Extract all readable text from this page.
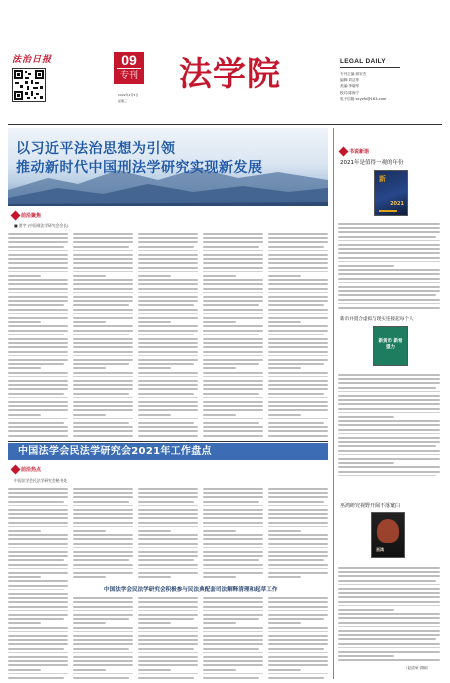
法治日报	09
专刊
2022年1月5日
星期三
法学院	LEGAL DAILY
专刊主编:蒋安杰
编辑:刘洁菲
美编:李晓军
校对:陈海宁
电子信箱:xcyzfx@163.com
以习近平法治思想为引领
推动新时代中国刑法学研究实现新发展
前沿聚焦
■ 贾宇 (中国刑法学研究会会长)
中国法学会民法学研究会2021年工作盘点
前沿热点
中国法学会民法学研究会秘书处
中国法学会民法学研究会积极参与民法典配套司法解释清理和起草工作
书说新语
2021年是值得一观的年份
新
2021
新币并置合虚拟与现实连接起每个人
新货币 新希望力
巫鸿研究视野开阔不落窠臼
巫鸿
（赵清荣 供稿）
